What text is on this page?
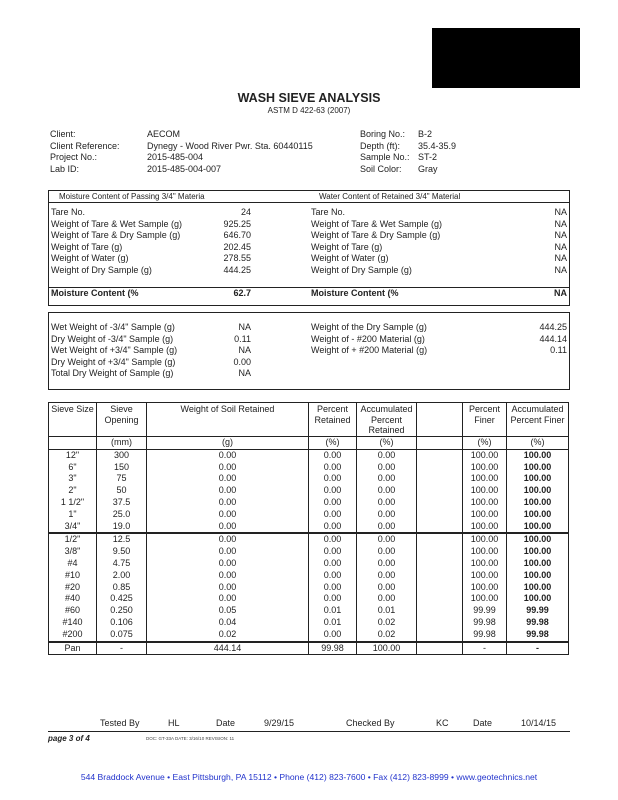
WASH SIEVE ANALYSIS
ASTM D 422-63 (2007)
Client:	AECOM
Client Reference:	Dynegy - Wood River Pwr. Sta. 60440115
Project No.:	2015-485-004
Lab ID:	2015-485-004-007
Boring No.:	B-2
Depth (ft):	35.4-35.9
Sample No.: ST-2
Soil Color:	Gray
Moisture Content of Passing 3/4" Materia	Water Content of Retained 3/4" Material
Tare No.	24
Weight of Tare & Wet Sample (g)	925.25
Weight of Tare & Dry Sample (g)	646.70
Weight of Tare (g)	202.45
Weight of Water (g)	278.55
Weight of Dry Sample (g)	444.25
Tare No.	NA
Weight of Tare & Wet Sample (g)	NA
Weight of Tare & Dry Sample (g)	NA
Weight of Tare (g)	NA
Weight of Water (g)	NA
Weight of Dry Sample (g)	NA
Moisture Content (%	62.7	Moisture Content (%	NA
Wet Weight of -3/4" Sample (g)	NA
Dry Weight of -3/4" Sample (g)	0.11
Wet Weight of +3/4" Sample (g)	NA
Dry Weight of +3/4" Sample (g)	0.00
Total Dry Weight of Sample (g)	NA
Weight of the Dry Sample (g)	444.25
Weight of - #200 Material (g)	444.14
Weight of + #200 Material (g)	0.11
Sieve Size	Sieve Opening	Weight of Soil Retained	Percent Retained	Accumulated Percent Retained		Percent Finer	Accumulated Percent Finer
	(mm)	(g)	(%)	(%)		(%)	(%)
12"	300	0.00	0.00	0.00		100.00	100.00
6"	150	0.00	0.00	0.00		100.00	100.00
3"	75	0.00	0.00	0.00		100.00	100.00
2"	50	0.00	0.00	0.00		100.00	100.00
1 1/2"	37.5	0.00	0.00	0.00		100.00	100.00
1"	25.0	0.00	0.00	0.00		100.00	100.00
3/4"	19.0	0.00	0.00	0.00		100.00	100.00
1/2"	12.5	0.00	0.00	0.00		100.00	100.00
3/8"	9.50	0.00	0.00	0.00		100.00	100.00
#4	4.75	0.00	0.00	0.00		100.00	100.00
#10	2.00	0.00	0.00	0.00		100.00	100.00
#20	0.85	0.00	0.00	0.00		100.00	100.00
#40	0.425	0.00	0.00	0.00		100.00	100.00
#60	0.250	0.05	0.01	0.01		99.99	99.99
#140	0.106	0.04	0.01	0.02		99.98	99.98
#200	0.075	0.02	0.00	0.02		99.98	99.98
Pan	-	444.14	99.98	100.00		-	-
Tested By	HL	Date	9/29/15	Checked By	KC	Date	10/14/15
page 3 of 4	DOC: GT-33A DATE: 3/16/10 REVISION: 11
544 Braddock Avenue • East Pittsburgh, PA 15112 • Phone (412) 823-7600 • Fax (412) 823-8999 • www.geotechnics.net
